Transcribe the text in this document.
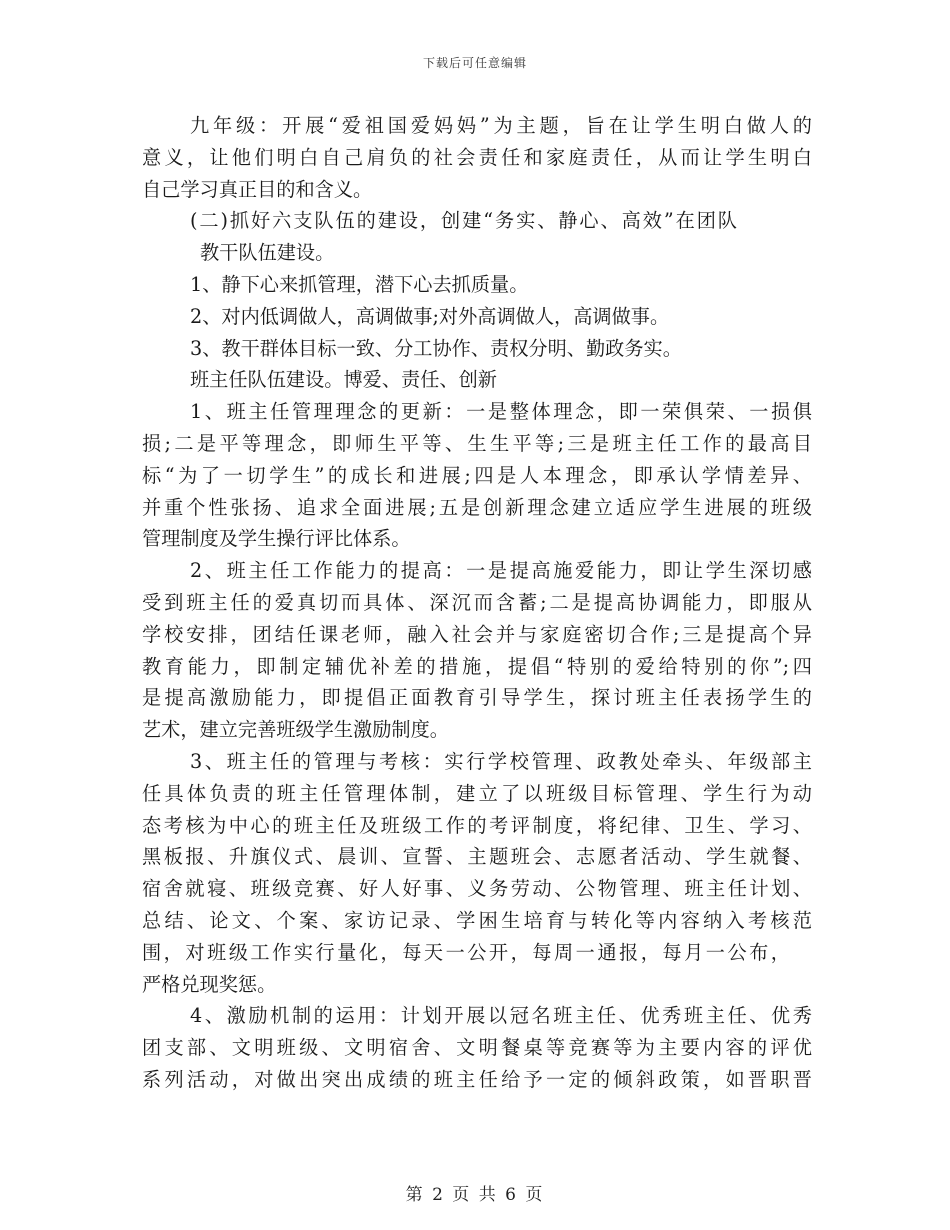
下载后可任意编辑
九年级：开展“爱祖国爱妈妈”为主题，旨在让学生明白做人的
意义，让他们明白自己肩负的社会责任和家庭责任，从而让学生明白
自己学习真正目的和含义。
(二)抓好六支队伍的建设，创建“务实、静心、高效”在团队
教干队伍建设。
1、静下心来抓管理，潜下心去抓质量。
2、对内低调做人，高调做事;对外高调做人，高调做事。
3、教干群体目标一致、分工协作、责权分明、勤政务实。
班主任队伍建设。博爱、责任、创新
1、班主任管理理念的更新：一是整体理念，即一荣俱荣、一损俱
损;二是平等理念，即师生平等、生生平等;三是班主任工作的最高目
标“为了一切学生”的成长和进展;四是人本理念，即承认学情差异、
并重个性张扬、追求全面进展;五是创新理念建立适应学生进展的班级
管理制度及学生操行评比体系。
2、班主任工作能力的提高：一是提高施爱能力，即让学生深切感
受到班主任的爱真切而具体、深沉而含蓄;二是提高协调能力，即服从
学校安排，团结任课老师，融入社会并与家庭密切合作;三是提高个异
教育能力，即制定辅优补差的措施，提倡“特别的爱给特别的你”;四
是提高激励能力，即提倡正面教育引导学生，探讨班主任表扬学生的
艺术，建立完善班级学生激励制度。
3、班主任的管理与考核：实行学校管理、政教处牵头、年级部主
任具体负责的班主任管理体制，建立了以班级目标管理、学生行为动
态考核为中心的班主任及班级工作的考评制度，将纪律、卫生、学习、
黑板报、升旗仪式、晨训、宣誓、主题班会、志愿者活动、学生就餐、
宿舍就寝、班级竞赛、好人好事、义务劳动、公物管理、班主任计划、
总结、论文、个案、家访记录、学困生培育与转化等内容纳入考核范
围，对班级工作实行量化，每天一公开，每周一通报，每月一公布，
严格兑现奖惩。
4、激励机制的运用：计划开展以冠名班主任、优秀班主任、优秀
团支部、文明班级、文明宿舍、文明餐桌等竞赛等为主要内容的评优
系列活动，对做出突出成绩的班主任给予一定的倾斜政策，如晋职晋
第 2 页 共 6 页
